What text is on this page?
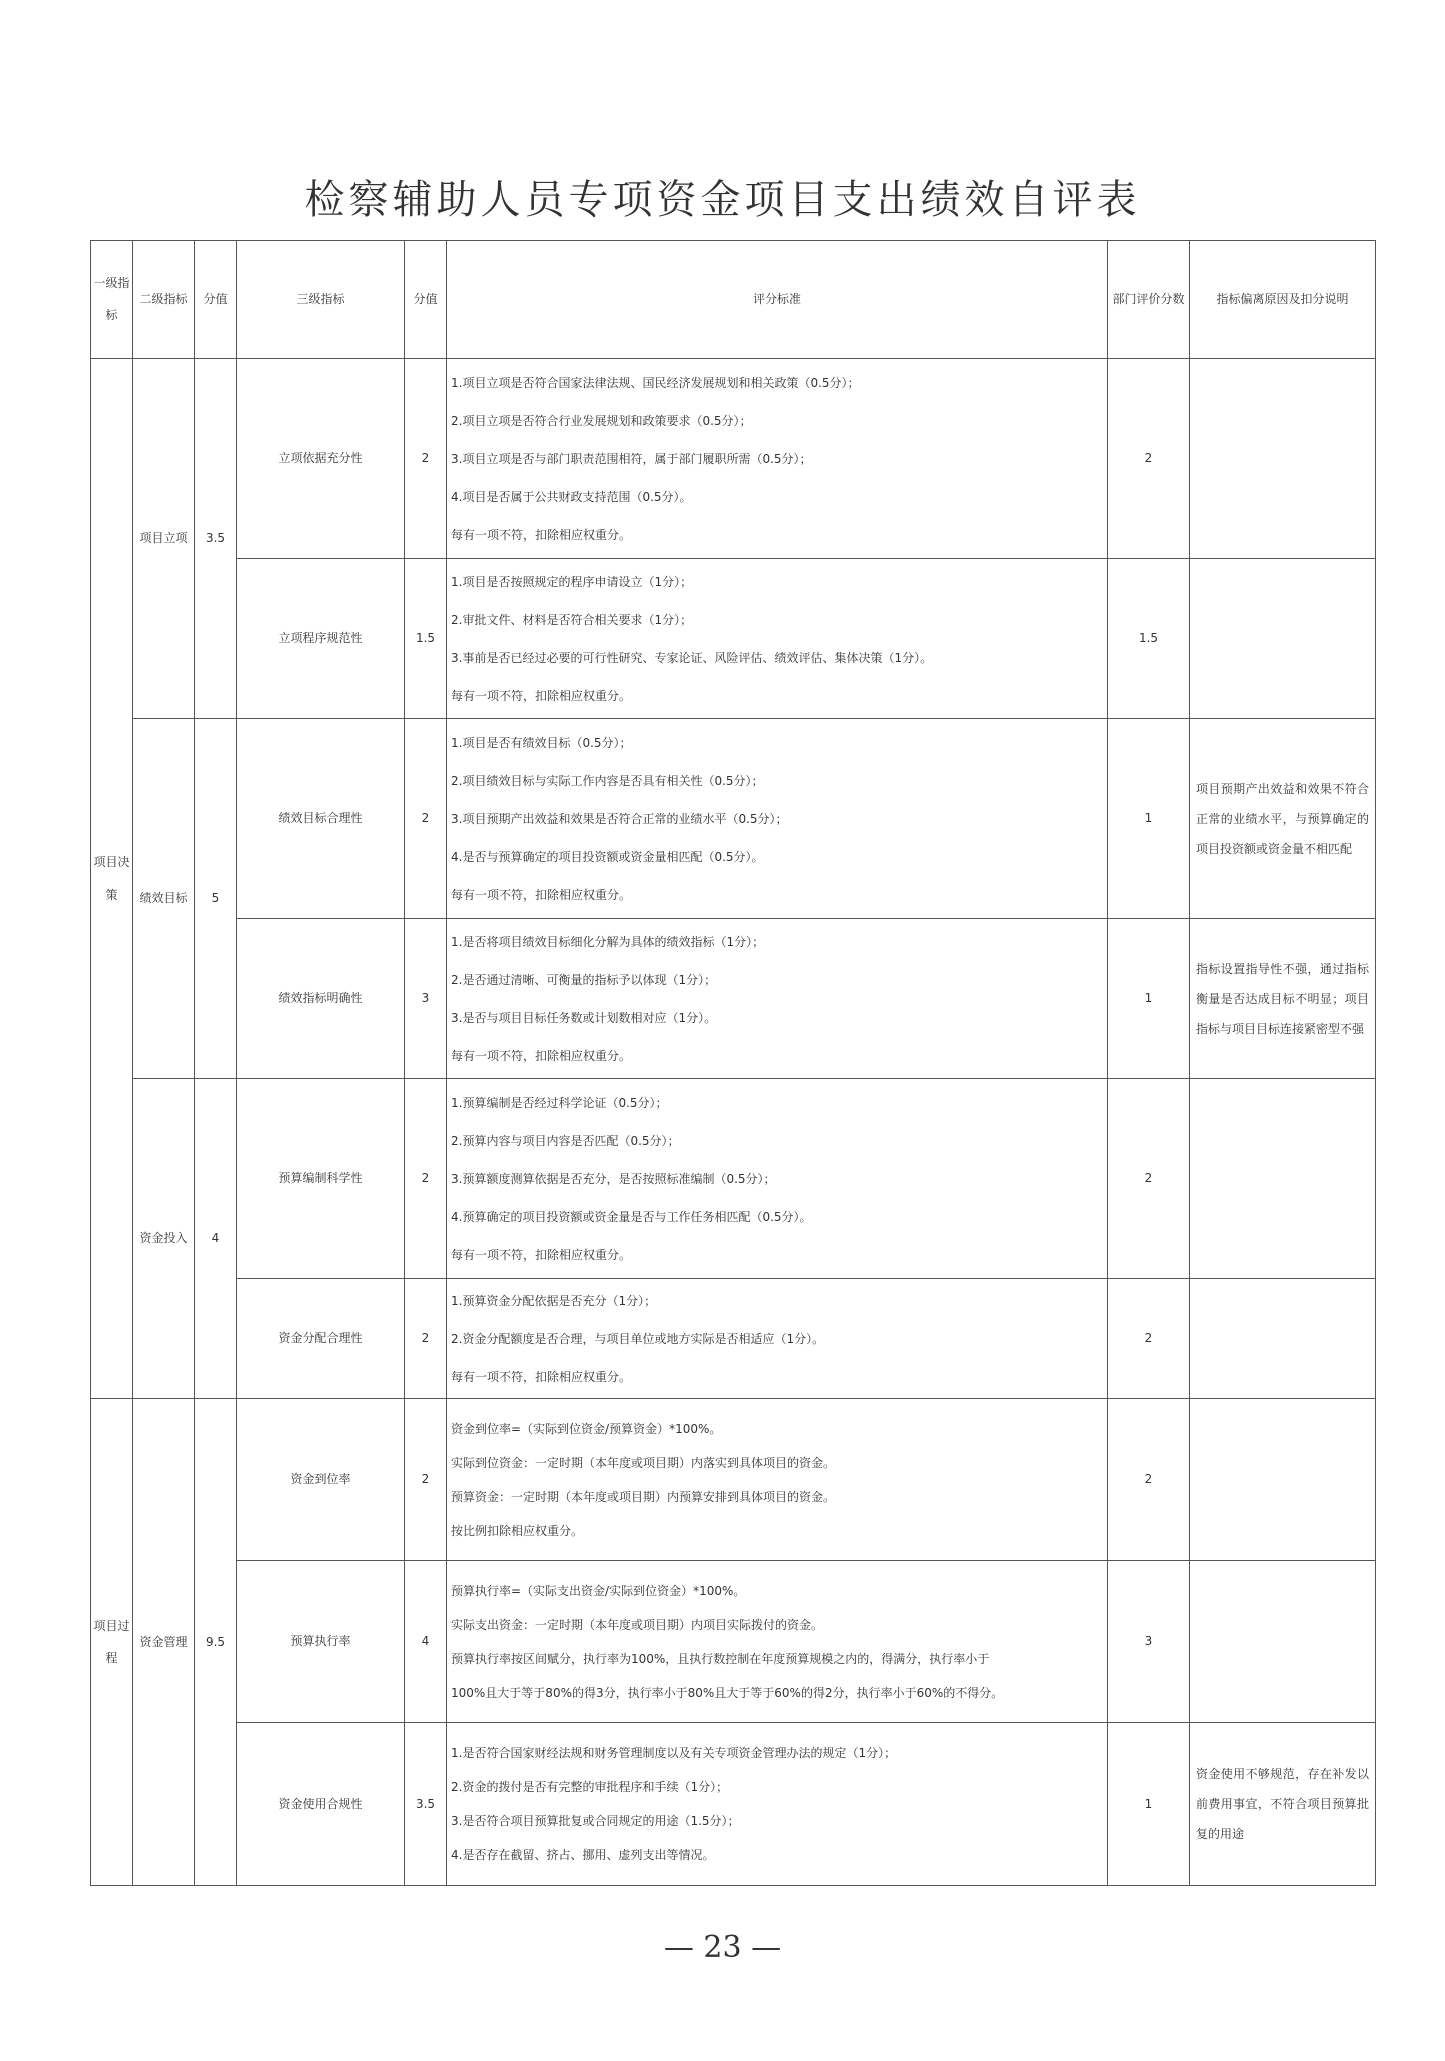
检察辅助人员专项资金项目支出绩效自评表
一级指标	二级指标	分值	三级指标	分值	评分标准	部门评价分数	指标偏离原因及扣分说明
项目决策	项目立项	3.5	立项依据充分性	2	1.项目立项是否符合国家法律法规、国民经济发展规划和相关政策（0.5分）；
2.项目立项是否符合行业发展规划和政策要求（0.5分）；
3.项目立项是否与部门职责范围相符，属于部门履职所需（0.5分）；
4.项目是否属于公共财政支持范围（0.5分）。
每有一项不符，扣除相应权重分。	2	
			立项程序规范性	1.5	1.项目是否按照规定的程序申请设立（1分）；
2.审批文件、材料是否符合相关要求（1分）；
3.事前是否已经过必要的可行性研究、专家论证、风险评估、绩效评估、集体决策（1分）。
每有一项不符，扣除相应权重分。	1.5	
	绩效目标	5	绩效目标合理性	2	1.项目是否有绩效目标（0.5分）；
2.项目绩效目标与实际工作内容是否具有相关性（0.5分）；
3.项目预期产出效益和效果是否符合正常的业绩水平（0.5分）；
4.是否与预算确定的项目投资额或资金量相匹配（0.5分）。
每有一项不符，扣除相应权重分。	1	项目预期产出效益和效果不符合正常的业绩水平，与预算确定的项目投资额或资金量不相匹配
			绩效指标明确性	3	1.是否将项目绩效目标细化分解为具体的绩效指标（1分）；
2.是否通过清晰、可衡量的指标予以体现（1分）；
3.是否与项目目标任务数或计划数相对应（1分）。
每有一项不符，扣除相应权重分。	1	指标设置指导性不强，通过指标衡量是否达成目标不明显；项目指标与项目目标连接紧密型不强
	资金投入	4	预算编制科学性	2	1.预算编制是否经过科学论证（0.5分）；
2.预算内容与项目内容是否匹配（0.5分）；
3.预算额度测算依据是否充分，是否按照标准编制（0.5分）；
4.预算确定的项目投资额或资金量是否与工作任务相匹配（0.5分）。
每有一项不符，扣除相应权重分。	2	
			资金分配合理性	2	1.预算资金分配依据是否充分（1分）；
2.资金分配额度是否合理，与项目单位或地方实际是否相适应（1分）。
每有一项不符，扣除相应权重分。	2	
项目过程	资金管理	9.5	资金到位率	2	资金到位率=（实际到位资金/预算资金）*100%。
实际到位资金：一定时期（本年度或项目期）内落实到具体项目的资金。
预算资金：一定时期（本年度或项目期）内预算安排到具体项目的资金。
按比例扣除相应权重分。	2	
			预算执行率	4	预算执行率=（实际支出资金/实际到位资金）*100%。
实际支出资金：一定时期（本年度或项目期）内项目实际拨付的资金。
预算执行率按区间赋分，执行率为100%，且执行数控制在年度预算规模之内的，得满分，执行率小于
100%且大于等于80%的得3分，执行率小于80%且大于等于60%的得2分，执行率小于60%的不得分。	3	
			资金使用合规性	3.5	1.是否符合国家财经法规和财务管理制度以及有关专项资金管理办法的规定（1分）；
2.资金的拨付是否有完整的审批程序和手续（1分）；
3.是否符合项目预算批复或合同规定的用途（1.5分）；
4.是否存在截留、挤占、挪用、虚列支出等情况。	1	资金使用不够规范，存在补发以前费用事宜，不符合项目预算批复的用途
— 23 —
